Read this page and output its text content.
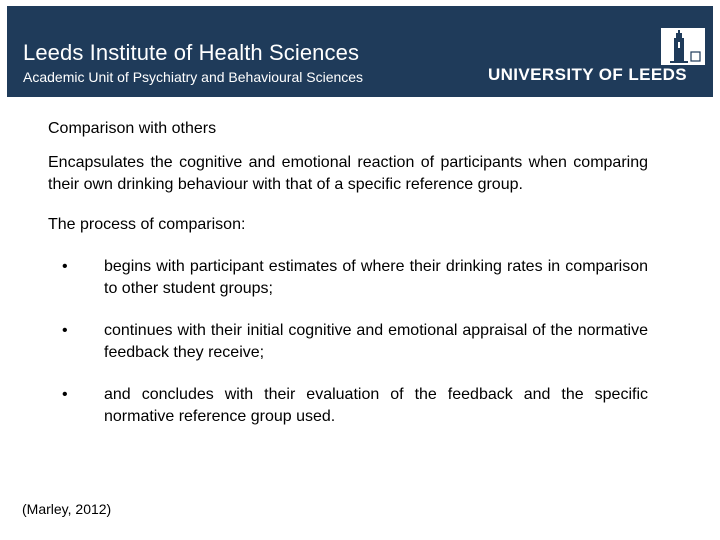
Leeds Institute of Health Sciences
Academic Unit of Psychiatry and Behavioural Sciences	UNIVERSITY OF LEEDS
Comparison with others
Encapsulates the cognitive and emotional reaction of participants when comparing their own drinking behaviour with that of a specific reference group.
The process of comparison:
• begins with participant estimates of where their drinking rates in comparison to other student groups;
• continues with their initial cognitive and emotional appraisal of the normative feedback they receive;
• and concludes with their evaluation of the feedback and the specific normative reference group used.
(Marley, 2012)
